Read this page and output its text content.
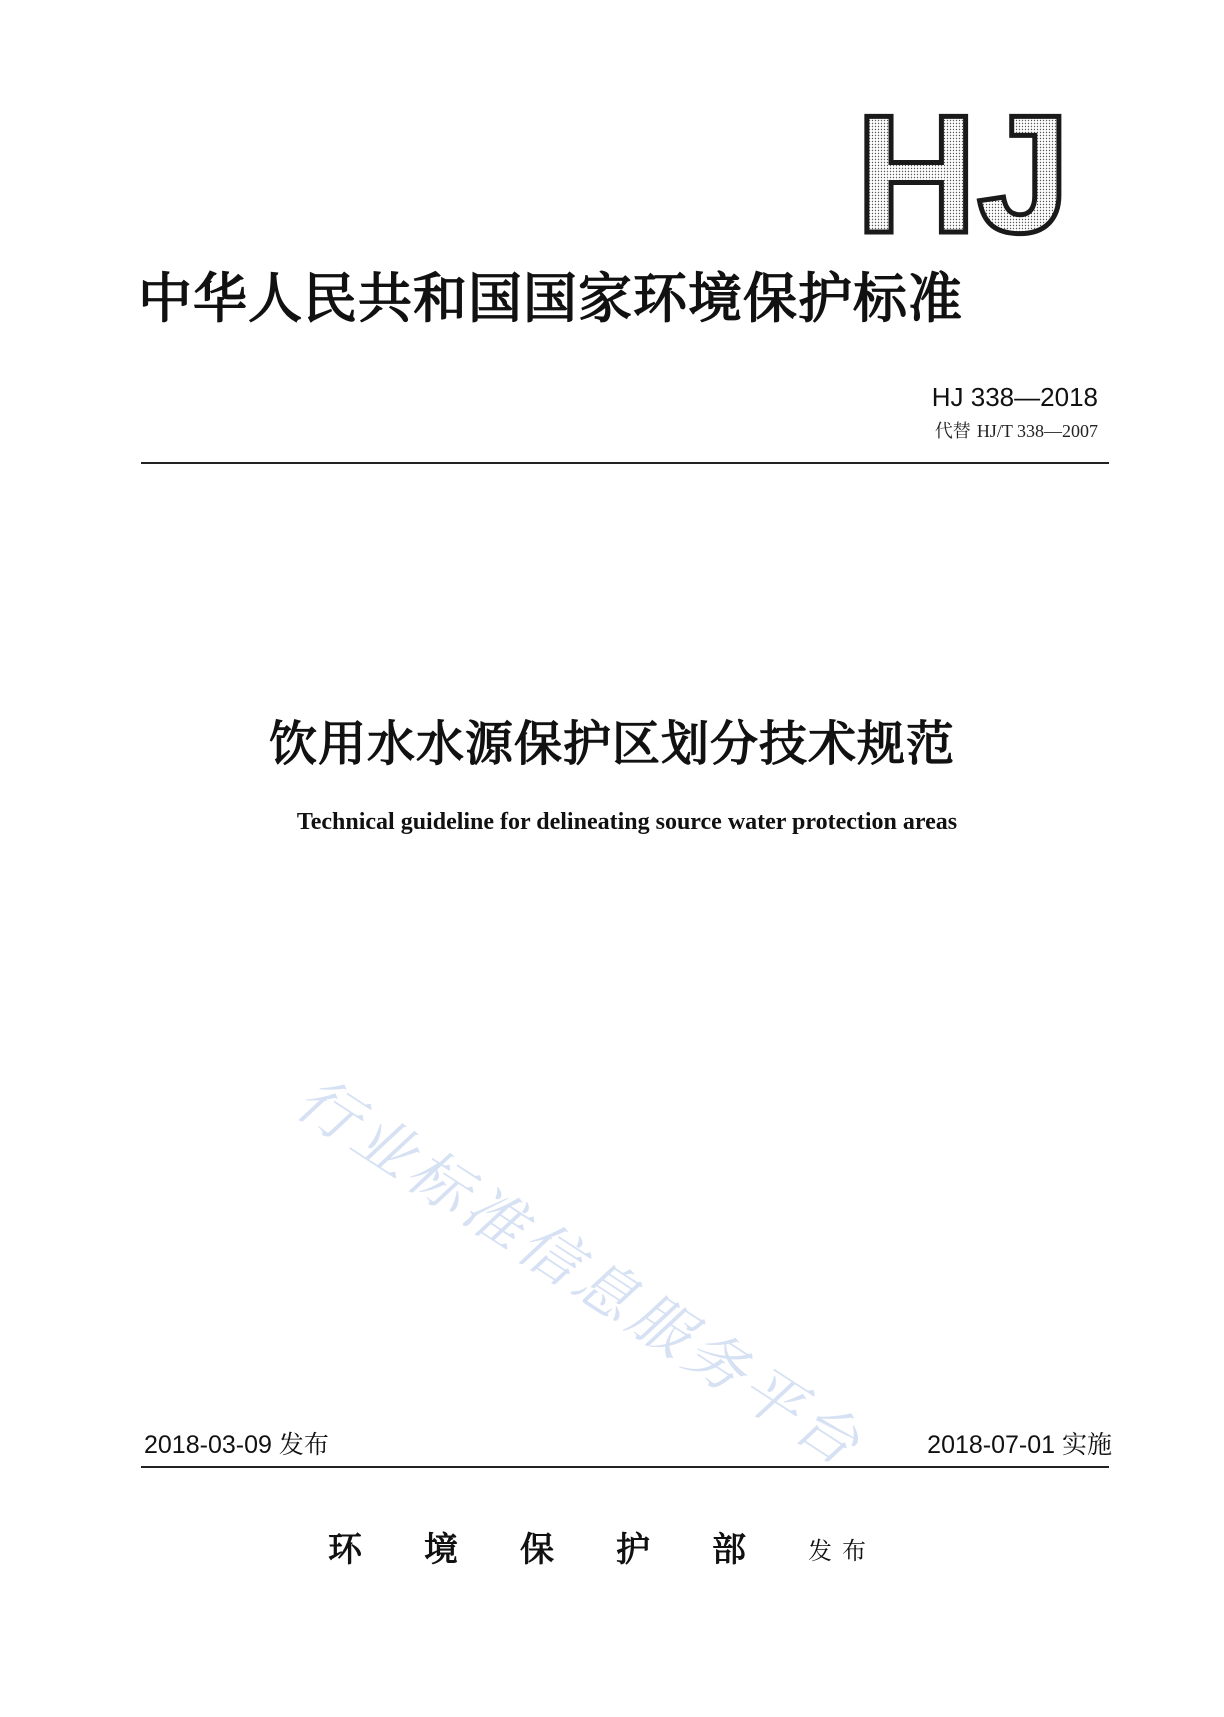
HJ
中华人民共和国国家环境保护标准

HJ 338—2018

代替 HJ/T 338—2007

饮用水水源保护区划分技术规范

Technical guideline for delineating source water protection areas

行业标准信息服务平台

2018-03-09 发布	2018-07-01 实施

环境保护部发布
